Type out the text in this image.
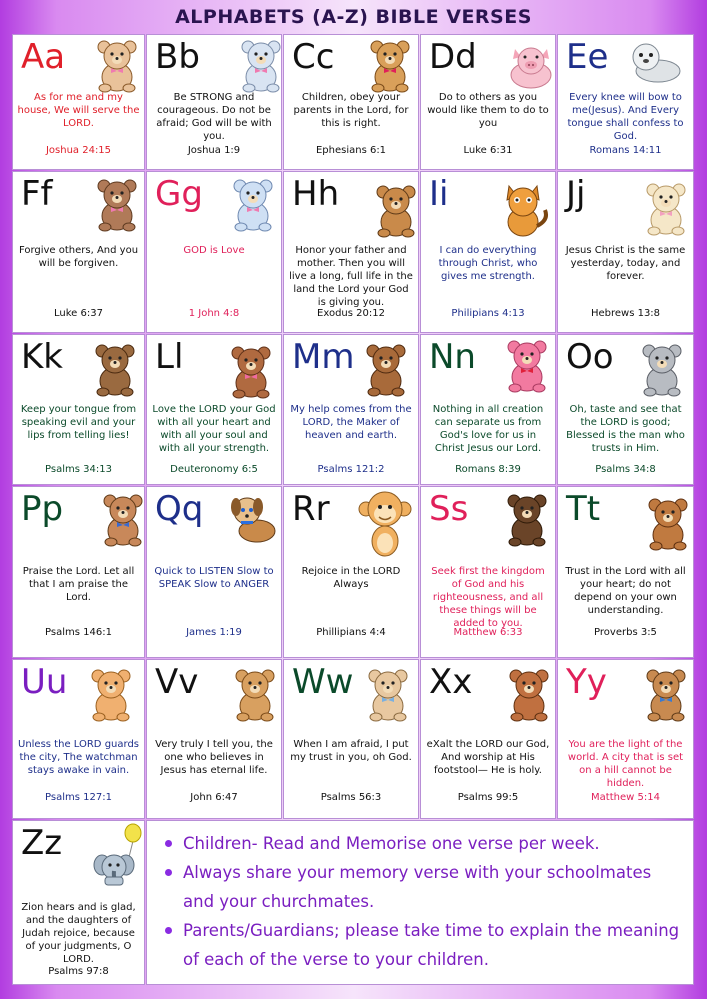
ALPHABETS (A-Z) BIBLE VERSES
Aa
As for me and my house, We will serve the LORD.
Joshua 24:15
Bb
Be STRONG and courageous. Do not be afraid; God will be with you.
Joshua 1:9
Cc
Children, obey your parents in the Lord, for this is right.
Ephesians 6:1
Dd
Do to others as you would like them to do to you
Luke 6:31
Ee
Every knee will bow to me(Jesus). And Every tongue shall confess to God.
Romans 14:11
Ff
Forgive others, And you will be forgiven.
Luke 6:37
Gg
GOD is Love
1 John 4:8
Hh
Honor your father and mother. Then you will live a long, full life in the land the Lord your God is giving you.
Exodus 20:12
Ii
I can do everything through Christ, who gives me strength.
Philipians 4:13
Jj
Jesus Christ is the same yesterday, today, and forever.
Hebrews 13:8
Kk
Keep your tongue from speaking evil and your lips from telling lies!
Psalms 34:13
Ll
Love the LORD your God with all your heart and with all your soul and with all your strength.
Deuteronomy 6:5
Mm
My help comes from the LORD, the Maker of heaven and earth.
Psalms 121:2
Nn
Nothing in all creation can separate us from God's love for us in Christ Jesus our Lord.
Romans 8:39
Oo
Oh, taste and see that the LORD is good; Blessed is the man who trusts in Him.
Psalms 34:8
Pp
Praise the Lord. Let all that I am praise the Lord.
Psalms 146:1
Qq
Quick to LISTEN Slow to SPEAK Slow to ANGER
James 1:19
Rr
Rejoice in the LORD Always
Phillipians 4:4
Ss
Seek first the kingdom of God and his righteousness, and all these things will be added to you.
Matthew 6:33
Tt
Trust in the Lord with all your heart; do not depend on your own understanding.
Proverbs 3:5
Uu
Unless the LORD guards the city, The watchman stays awake in vain.
Psalms 127:1
Vv
Very truly I tell you, the one who believes in Jesus has eternal life.
John 6:47
Ww
When I am afraid, I put my trust in you, oh God.
Psalms 56:3
Xx
eXalt the LORD our God, And worship at His footstool— He is holy.
Psalms 99:5
Yy
You are the light of the world. A city that is set on a hill cannot be hidden.
Matthew 5:14
Zz
Zion hears and is glad, and the daughters of Judah rejoice, because of your judgments, O LORD.
Psalms 97:8
Children- Read and Memorise one verse per week.
Always share your memory verse with your schoolmates and your churchmates.
Parents/Guardians; please take time to explain the meaning of each of the verse to your children.
